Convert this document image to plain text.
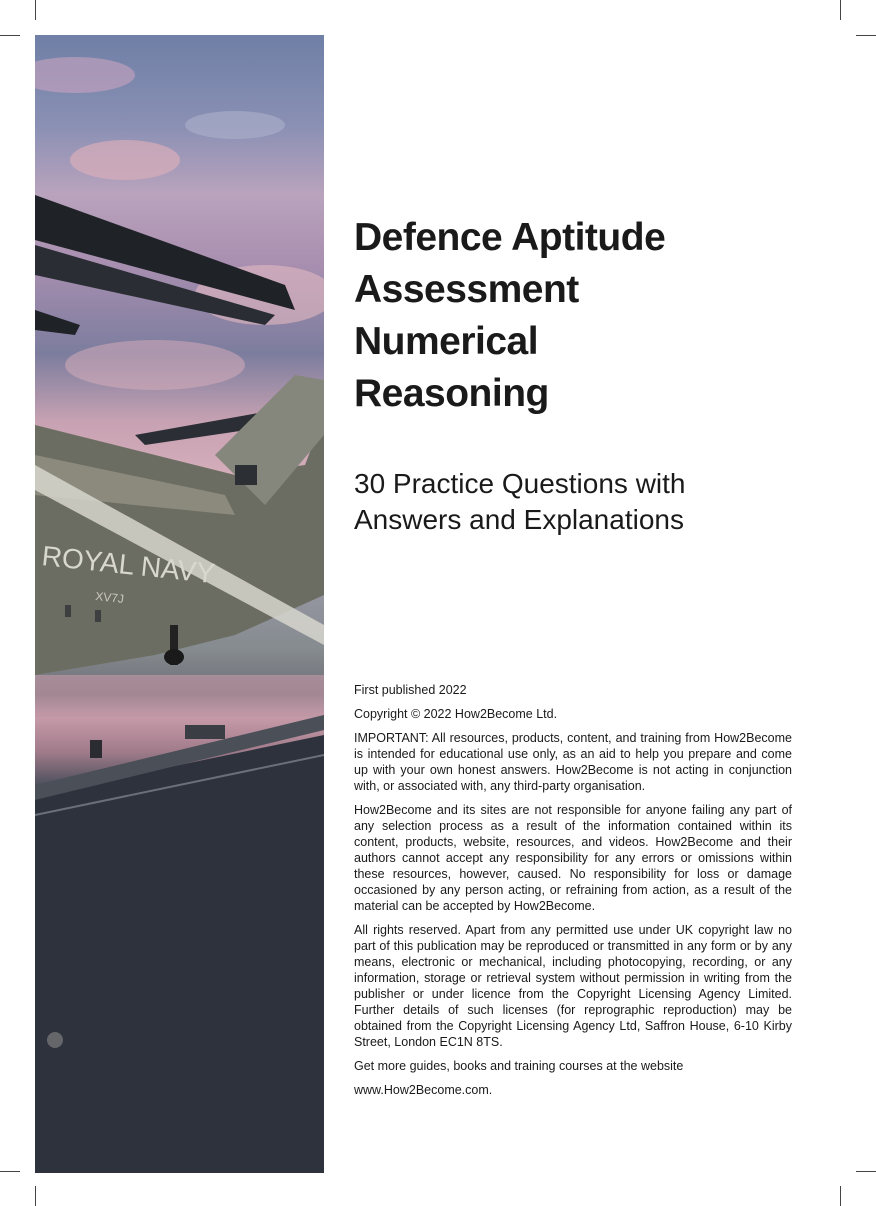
ROYAL NAVY
XV7J
Defence Aptitude
Assessment
Numerical
Reasoning
30 Practice Questions with
Answers and Explanations

First published 2022

Copyright © 2022 How2Become Ltd.

IMPORTANT: All resources, products, content, and training from How2Become is intended for educational use only, as an aid to help you prepare and come up with your own honest answers. How2Become is not acting in conjunction with, or associated with, any third-party organisation.

How2Become and its sites are not responsible for anyone failing any part of any selection process as a result of the information contained within its content, products, website, resources, and videos. How2Become and their authors cannot accept any responsibility for any errors or omissions within these resources, however, caused. No responsibility for loss or damage occasioned by any person acting, or refraining from action, as a result of the material can be accepted by How2Become.

All rights reserved. Apart from any permitted use under UK copyright law no part of this publication may be reproduced or transmitted in any form or by any means, electronic or mechanical, including photocopying, recording, or any information, storage or retrieval system without permission in writing from the publisher or under licence from the Copyright Licensing Agency Limited. Further details of such licenses (for reprographic reproduction) may be obtained from the Copyright Licensing Agency Ltd, Saffron House, 6-10 Kirby Street, London EC1N 8TS.

Get more guides, books and training courses at the website

www.How2Become.com.
